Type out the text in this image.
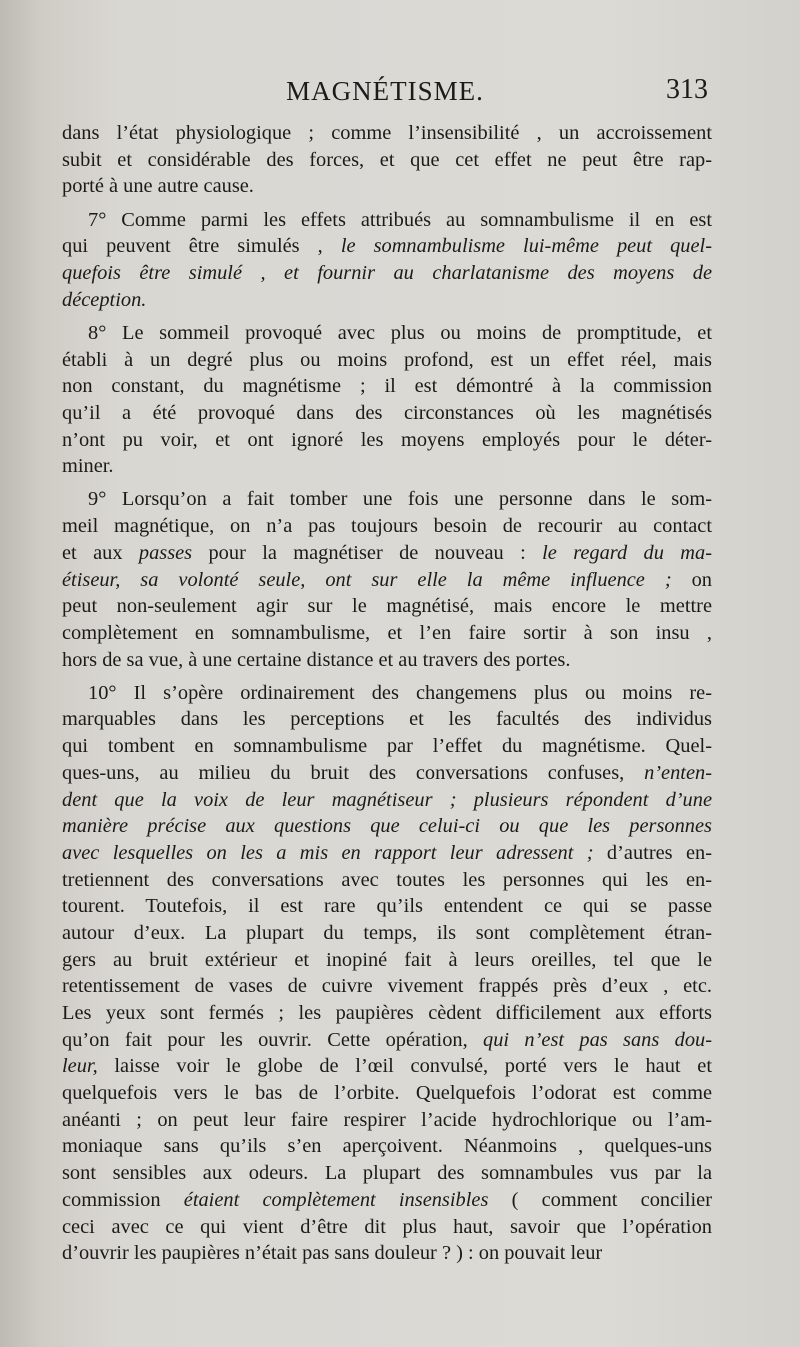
MAGNÉTISME.	313
dans l’état physiologique ; comme l’insensibilité , un accroissement
subit et considérable des forces, et que cet effet ne peut être rap-
porté à une autre cause.
7° Comme parmi les effets attribués au somnambulisme il en est
qui peuvent être simulés , le somnambulisme lui-même peut quel-
quefois être simulé , et fournir au charlatanisme des moyens de
déception.
8° Le sommeil provoqué avec plus ou moins de promptitude, et
établi à un degré plus ou moins profond, est un effet réel, mais
non constant, du magnétisme ; il est démontré à la commission
qu’il a été provoqué dans des circonstances où les magnétisés
n’ont pu voir, et ont ignoré les moyens employés pour le déter-
miner.
9° Lorsqu’on a fait tomber une fois une personne dans le som-
meil magnétique, on n’a pas toujours besoin de recourir au contact
et aux passes pour la magnétiser de nouveau : le regard du ma-
étiseur, sa volonté seule, ont sur elle la même influence ; on
peut non-seulement agir sur le magnétisé, mais encore le mettre
complètement en somnambulisme, et l’en faire sortir à son insu ,
hors de sa vue, à une certaine distance et au travers des portes.
10° Il s’opère ordinairement des changemens plus ou moins re-
marquables dans les perceptions et les facultés des individus
qui tombent en somnambulisme par l’effet du magnétisme. Quel-
ques-uns, au milieu du bruit des conversations confuses, n’enten-
dent que la voix de leur magnétiseur ; plusieurs répondent d’une
manière précise aux questions que celui-ci ou que les personnes
avec lesquelles on les a mis en rapport leur adressent ; d’autres en-
tretiennent des conversations avec toutes les personnes qui les en-
tourent. Toutefois, il est rare qu’ils entendent ce qui se passe
autour d’eux. La plupart du temps, ils sont complètement étran-
gers au bruit extérieur et inopiné fait à leurs oreilles, tel que le
retentissement de vases de cuivre vivement frappés près d’eux , etc.
Les yeux sont fermés ; les paupières cèdent difficilement aux efforts
qu’on fait pour les ouvrir. Cette opération, qui n’est pas sans dou-
leur, laisse voir le globe de l’œil convulsé, porté vers le haut et
quelquefois vers le bas de l’orbite. Quelquefois l’odorat est comme
anéanti ; on peut leur faire respirer l’acide hydrochlorique ou l’am-
moniaque sans qu’ils s’en aperçoivent. Néanmoins , quelques-uns
sont sensibles aux odeurs. La plupart des somnambules vus par la
commission étaient complètement insensibles ( comment concilier
ceci avec ce qui vient d’être dit plus haut, savoir que l’opération
d’ouvrir les paupières n’était pas sans douleur ? ) : on pouvait leur
